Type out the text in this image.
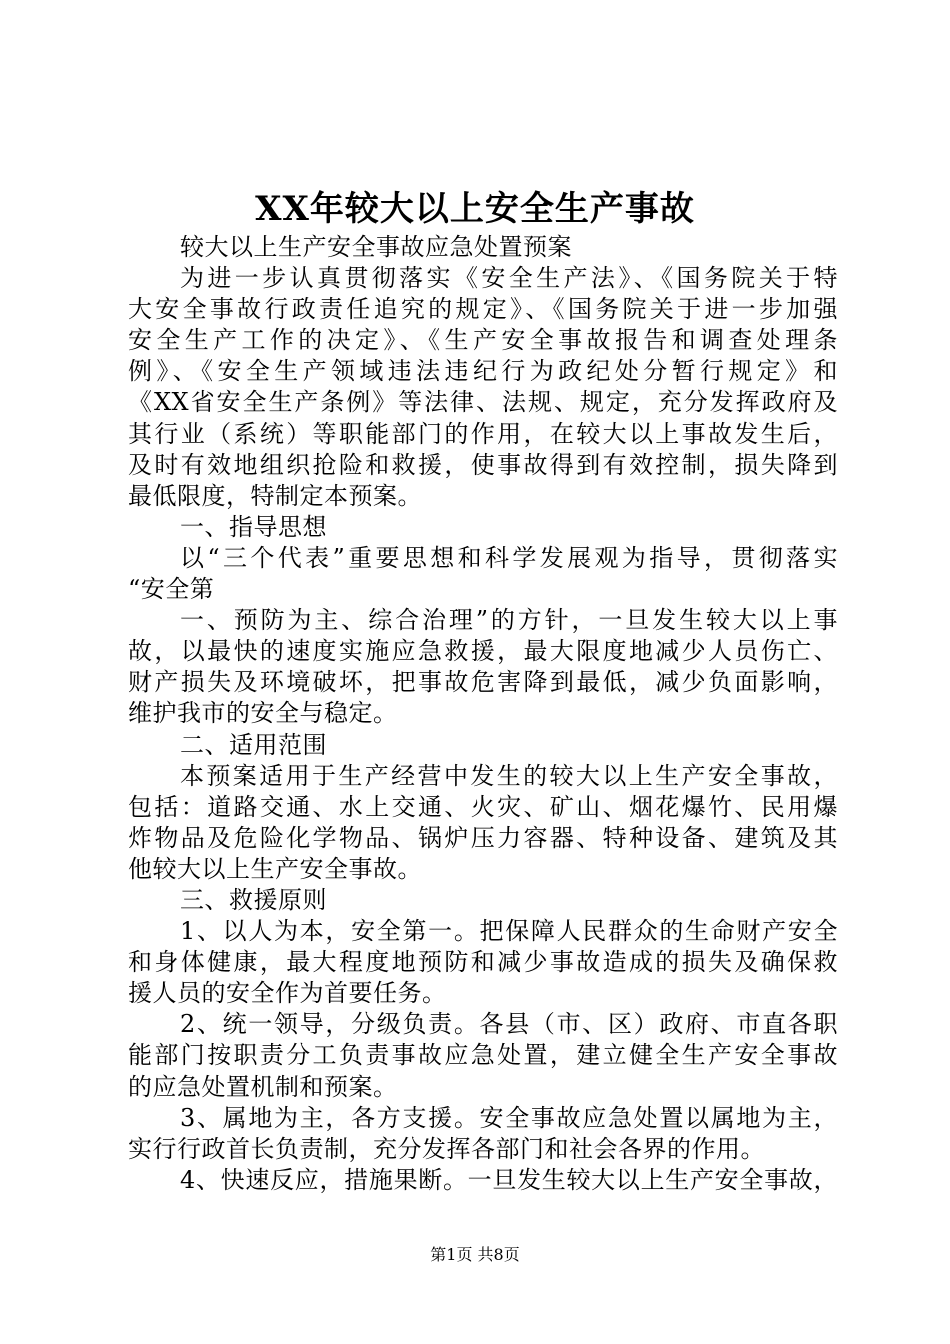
XX年较大以上安全生产事故
较大以上生产安全事故应急处置预案
为进一步认真贯彻落实《安全生产法》、《国务院关于特
大安全事故行政责任追究的规定》、《国务院关于进一步加强
安全生产工作的决定》、《生产安全事故报告和调查处理条
例》、《安全生产领域违法违纪行为政纪处分暂行规定》和
《XX省安全生产条例》等法律、法规、规定，充分发挥政府及
其行业（系统）等职能部门的作用，在较大以上事故发生后，
及时有效地组织抢险和救援，使事故得到有效控制，损失降到
最低限度，特制定本预案。
一、指导思想
以“三个代表”重要思想和科学发展观为指导，贯彻落实
“安全第
一、预防为主、综合治理”的方针，一旦发生较大以上事
故，以最快的速度实施应急救援，最大限度地减少人员伤亡、
财产损失及环境破坏，把事故危害降到最低，减少负面影响，
维护我市的安全与稳定。
二、适用范围
本预案适用于生产经营中发生的较大以上生产安全事故，
包括：道路交通、水上交通、火灾、矿山、烟花爆竹、民用爆
炸物品及危险化学物品、锅炉压力容器、特种设备、建筑及其
他较大以上生产安全事故。
三、救援原则
1、以人为本，安全第一。把保障人民群众的生命财产安全
和身体健康，最大程度地预防和减少事故造成的损失及确保救
援人员的安全作为首要任务。
2、统一领导，分级负责。各县（市、区）政府、市直各职
能部门按职责分工负责事故应急处置，建立健全生产安全事故
的应急处置机制和预案。
3、属地为主，各方支援。安全事故应急处置以属地为主，
实行行政首长负责制，充分发挥各部门和社会各界的作用。
4、快速反应，措施果断。一旦发生较大以上生产安全事故，
第1页 共8页
